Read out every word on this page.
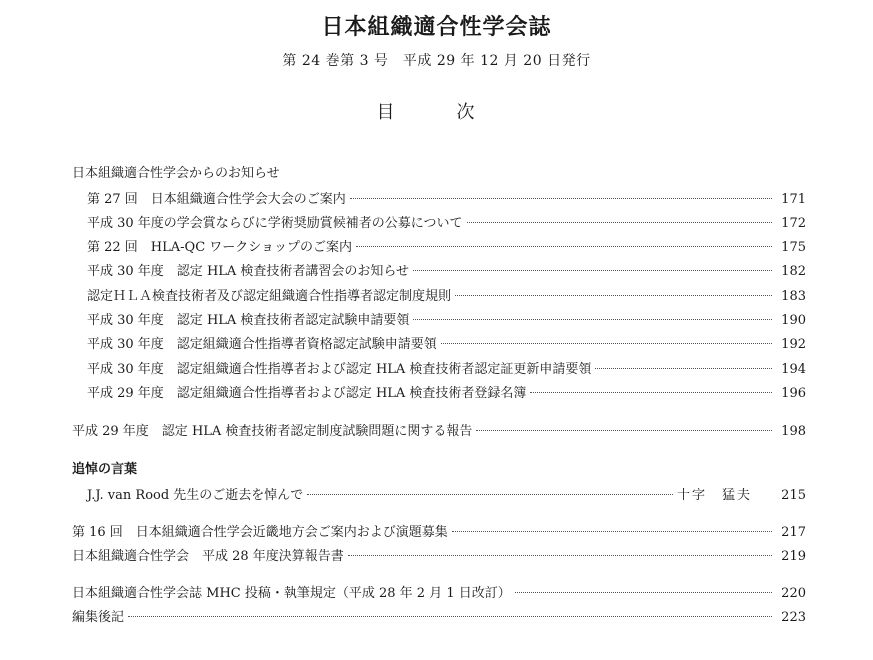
日本組織適合性学会誌
第 24 巻第 3 号　平成 29 年 12 月 20 日発行
目　次
日本組織適合性学会からのお知らせ
第 27 回　日本組織適合性学会大会のご案内	171
平成 30 年度の学会賞ならびに学術奨励賞候補者の公募について	172
第 22 回　HLA-QC ワークショップのご案内	175
平成 30 年度　認定 HLA 検査技術者講習会のお知らせ	182
認定ＨＬＡ検査技術者及び認定組織適合性指導者認定制度規則	183
平成 30 年度　認定 HLA 検査技術者認定試験申請要領	190
平成 30 年度　認定組織適合性指導者資格認定試験申請要領	192
平成 30 年度　認定組織適合性指導者および認定 HLA 検査技術者認定証更新申請要領	194
平成 29 年度　認定組織適合性指導者および認定 HLA 検査技術者登録名簿	196
平成 29 年度　認定 HLA 検査技術者認定制度試験問題に関する報告	198
追悼の言葉
J.J. van Rood 先生のご逝去を悼んで	十字　猛夫	215
第 16 回　日本組織適合性学会近畿地方会ご案内および演題募集	217
日本組織適合性学会　平成 28 年度決算報告書	219
日本組織適合性学会誌 MHC 投稿・執筆規定（平成 28 年 2 月 1 日改訂）	220
編集後記	223
